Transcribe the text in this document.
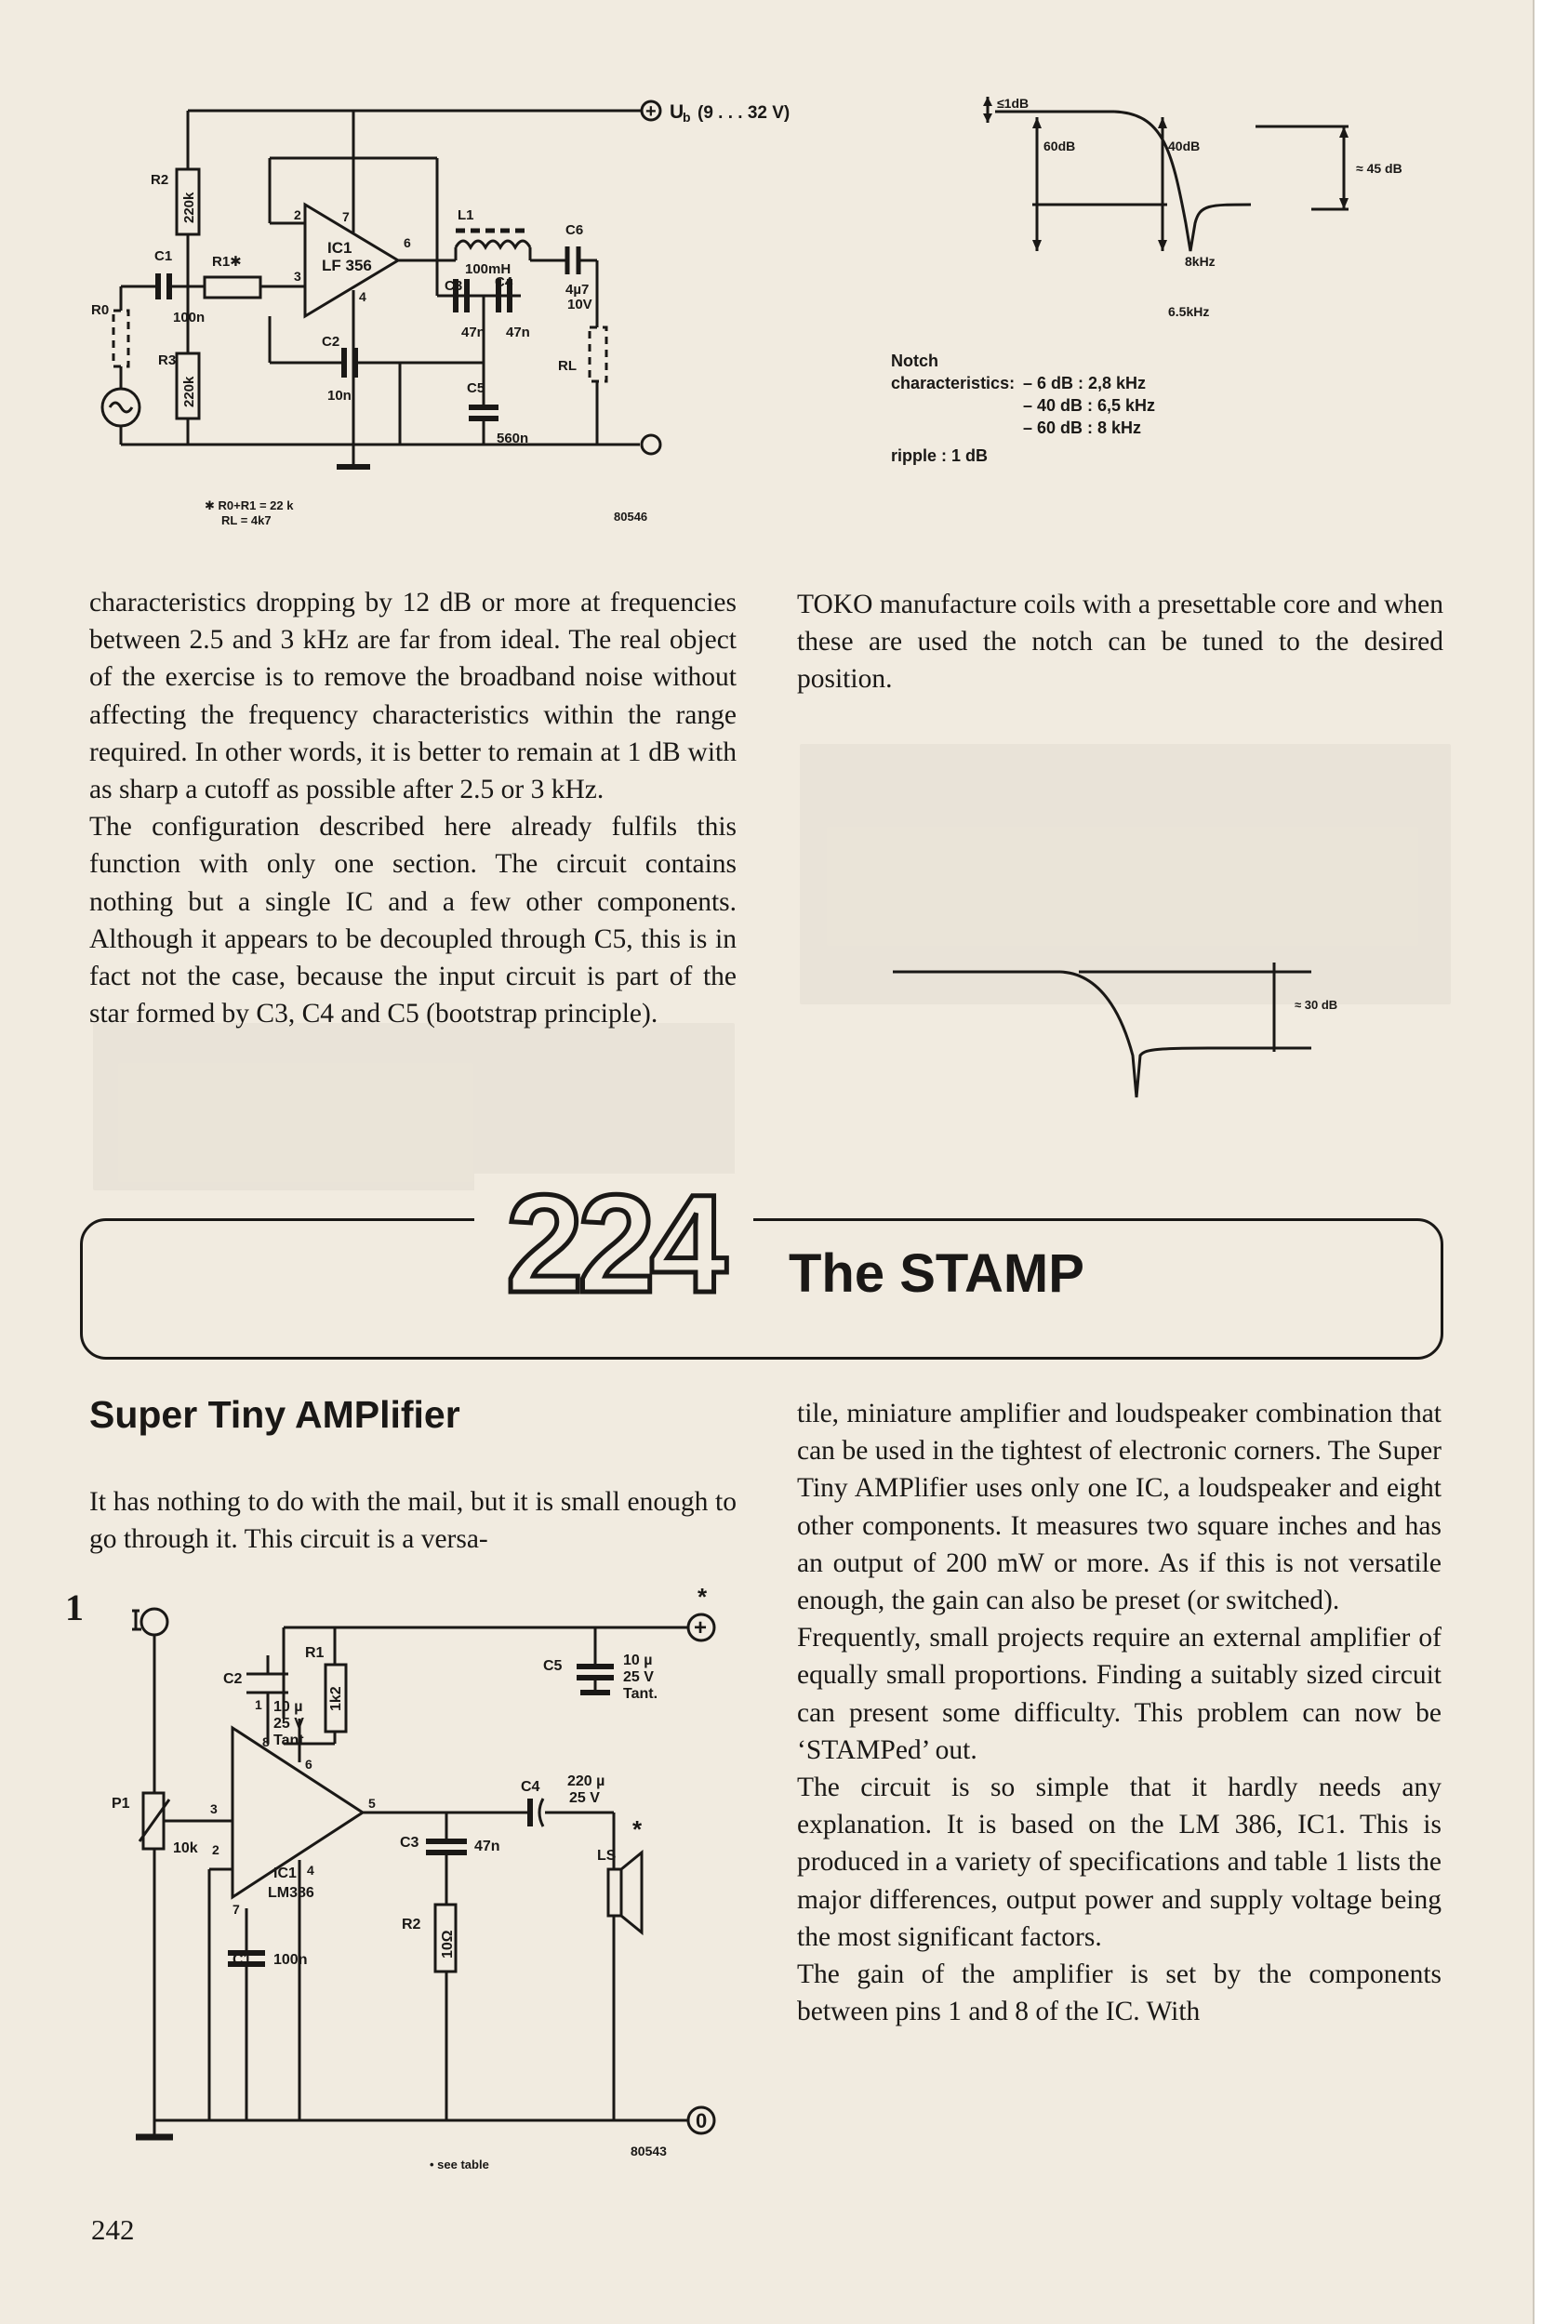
+ U
b (9 . . . 32 V)
R2
220k
R3
220k
C1
100n
R1✱
R0
IC1
LF 356
L1
100mH
C3
47n
C4
47n
C2
10n	C5
560n
C6
4µ7
10V
RL
2
3
4
6
7
✱ R0+R1 = 22 k
RL = 4k7	80546
≤1dB
60dB	40dB
≈ 45 dB
8kHz
6.5kHz
Notch
characteristics: – 6 dB : 2,8 kHz
– 40 dB : 6,5 kHz
– 60 dB : 8 kHz
ripple : 1 dB
≈ 30 dB

characteristics dropping by 12 dB or more at frequencies between 2.5 and 3 kHz are far from ideal. The real object of the exercise is to remove the broadband noise without affecting the frequency characteristics within the range required. In other words, it is better to remain at 1 dB with as sharp a cutoff as possible after 2.5 or 3 kHz.

The configuration described here already fulfils this function with only one section. The circuit contains nothing but a single IC and a few other components. Although it appears to be decoupled through C5, this is in fact not the case, because the input circuit is part of the star formed by C3, C4 and C5 (bootstrap principle).

TOKO manufacture coils with a presettable core and when these are used the notch can be tuned to the desired position.

224	The STAMP
Super Tiny AMPlifier

It has nothing to do with the mail, but it is small enough to go through it. This circuit is a versa-

+
0
1	*
*
R1
1k2
C2
10 µ
25 V
Tant.
C5	10 µ
25 V
Tant.
P1
10k
IC1
LM386
C4 220 µ
25 V
C3	47n
R2
10Ω
C1 100n
LS
1
2
3
4
5
6
7
8
• see table
80543

tile, miniature amplifier and loudspeaker combination that can be used in the tightest of electronic corners. The Super Tiny AMPlifier uses only one IC, a loudspeaker and eight other components. It measures two square inches and has an output of 200 mW or more. As if this is not versatile enough, the gain can also be preset (or switched).

Frequently, small projects require an external amplifier of equally small proportions. Finding a suitably sized circuit can present some difficulty. This problem can now be ‘STAMPed’ out.

The circuit is so simple that it hardly needs any explanation. It is based on the LM 386, IC1. This is produced in a variety of specifications and table 1 lists the major differences, output power and supply voltage being the most significant factors.

The gain of the amplifier is set by the components between pins 1 and 8 of the IC. With

242
